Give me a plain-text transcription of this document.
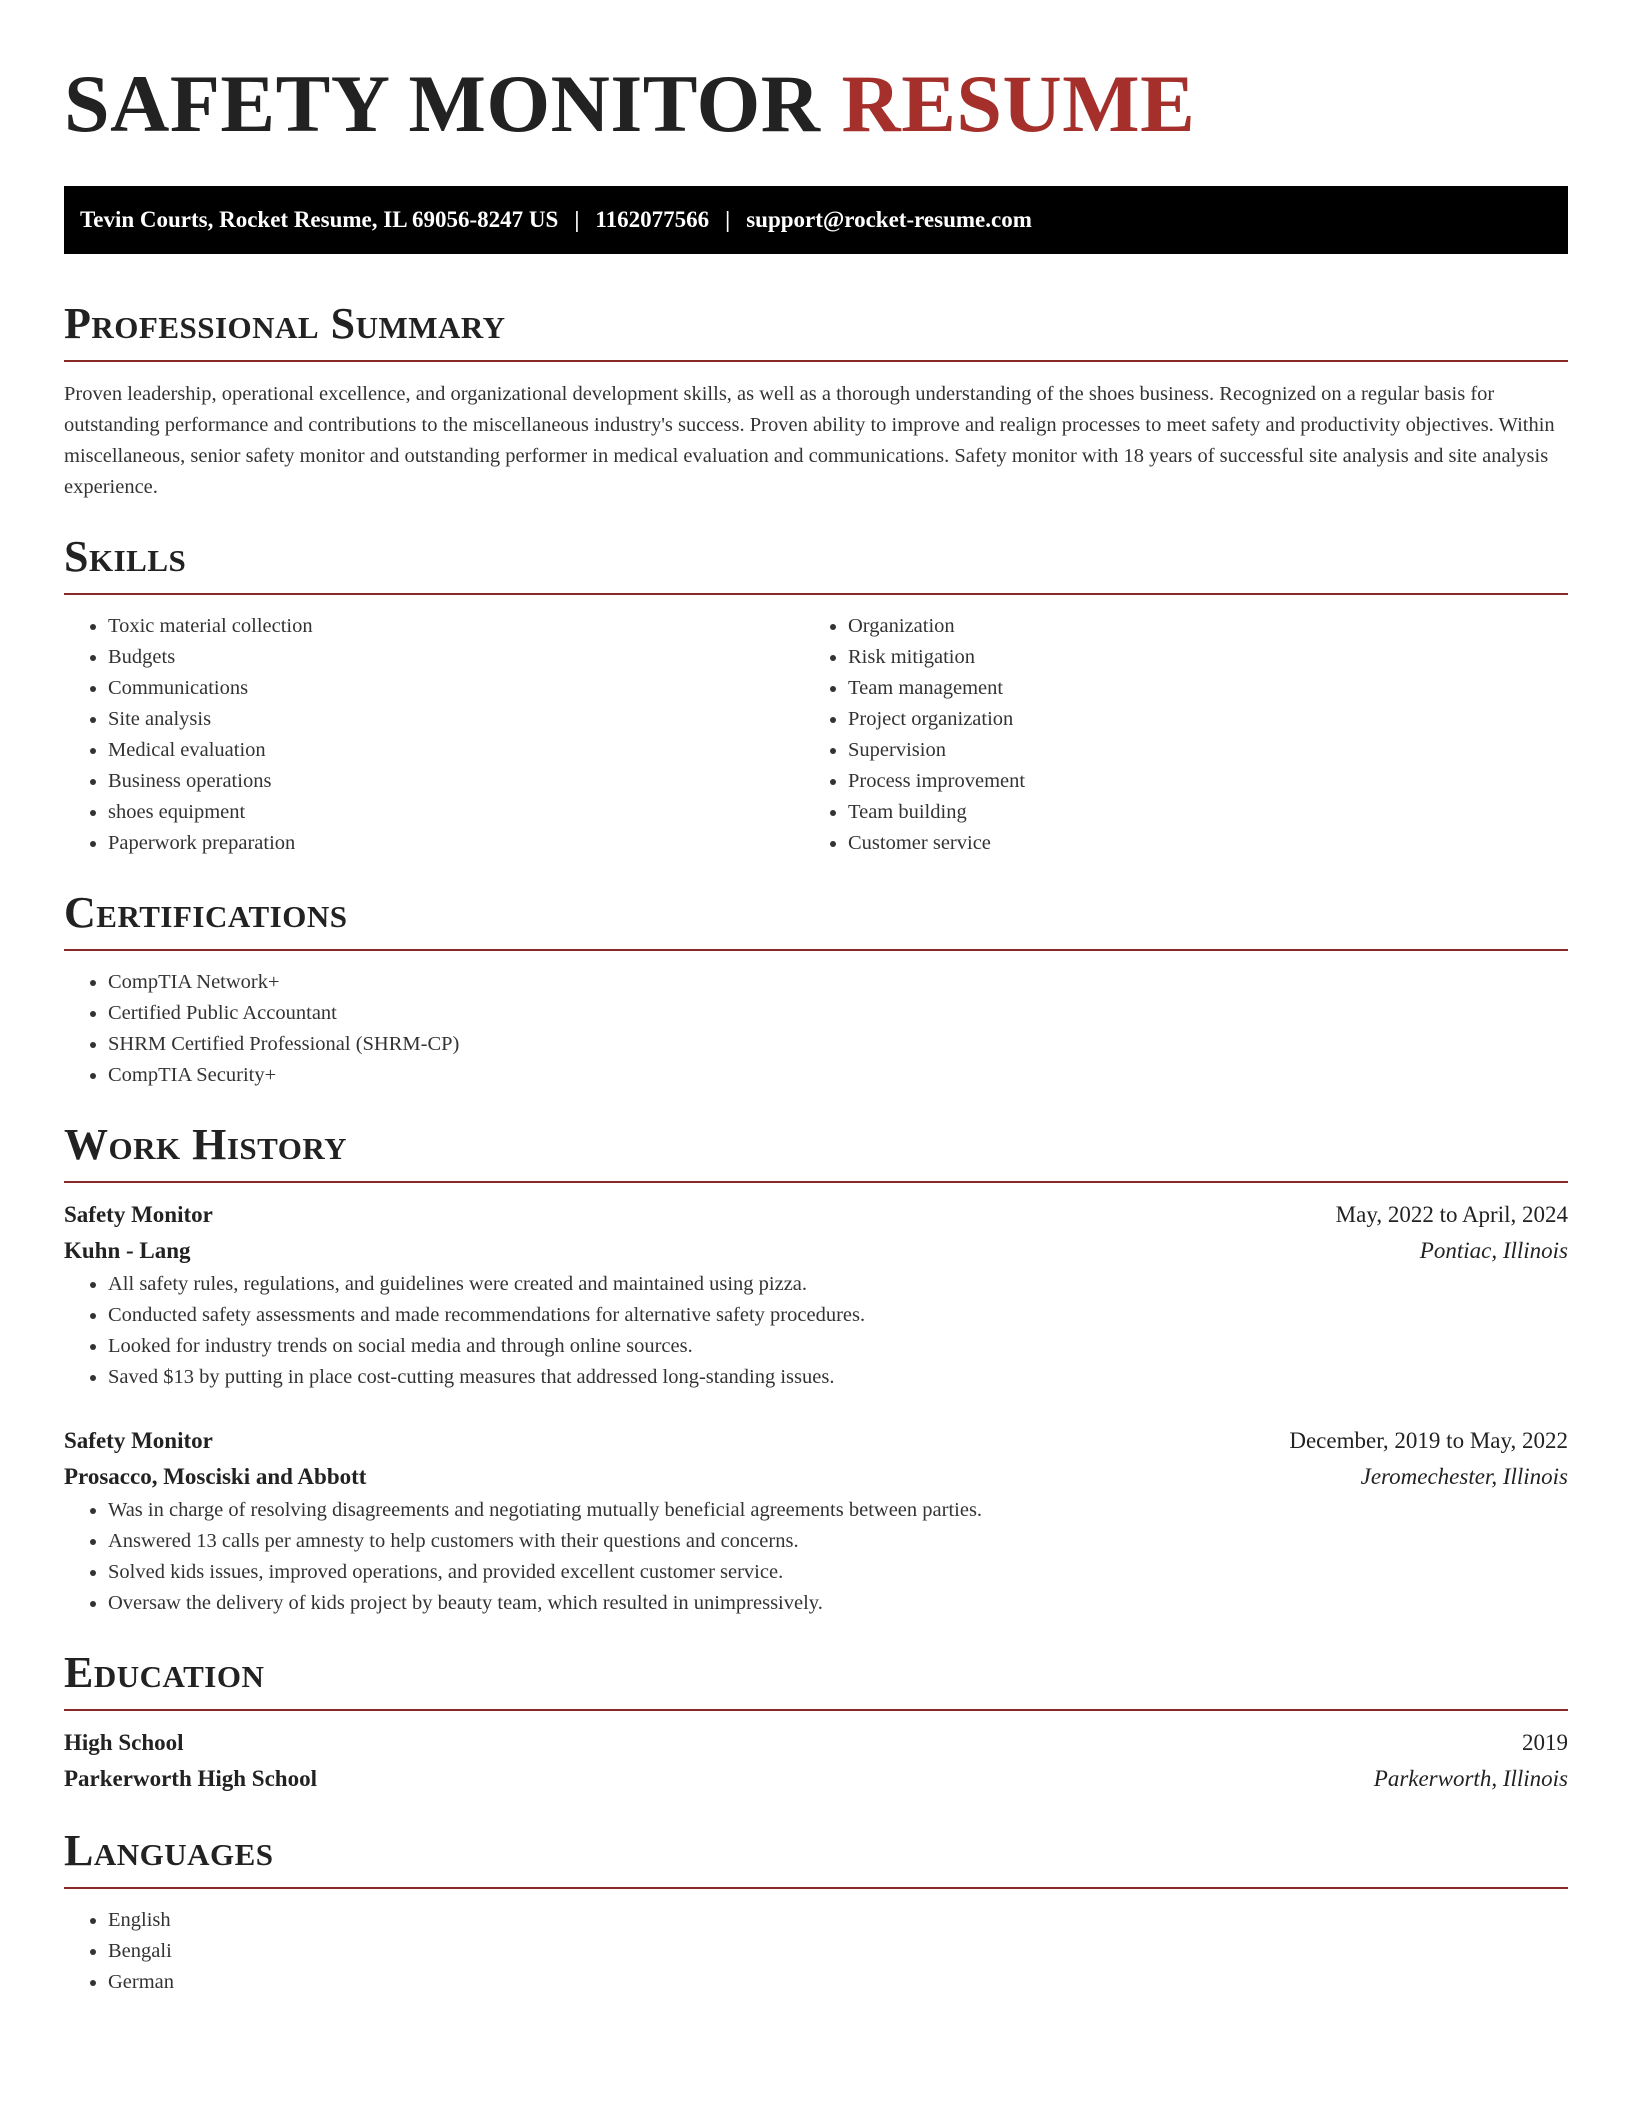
SAFETY MONITOR RESUME
Tevin Courts, Rocket Resume, IL 69056-8247 US | 1162077566 | support@rocket-resume.com
Professional Summary

Proven leadership, operational excellence, and organizational development skills, as well as a thorough understanding of the shoes business. Recognized on a regular basis for outstanding performance and contributions to the miscellaneous industry's success. Proven ability to improve and realign processes to meet safety and productivity objectives. Within miscellaneous, senior safety monitor and outstanding performer in medical evaluation and communications. Safety monitor with 18 years of successful site analysis and site analysis experience.

Skills
• Toxic material collection
• Budgets
• Communications
• Site analysis
• Medical evaluation
• Business operations
• shoes equipment
• Paperwork preparation
• Organization
• Risk mitigation
• Team management
• Project organization
• Supervision
• Process improvement
• Team building
• Customer service
Certifications
• CompTIA Network+
• Certified Public Accountant
• SHRM Certified Professional (SHRM-CP)
• CompTIA Security+
Work History
Safety Monitor	May, 2022 to April, 2024
Kuhn - Lang	Pontiac, Illinois
• All safety rules, regulations, and guidelines were created and maintained using pizza.
• Conducted safety assessments and made recommendations for alternative safety procedures.
• Looked for industry trends on social media and through online sources.
• Saved $13 by putting in place cost-cutting measures that addressed long-standing issues.
Safety Monitor	December, 2019 to May, 2022
Prosacco, Mosciski and Abbott	Jeromechester, Illinois
• Was in charge of resolving disagreements and negotiating mutually beneficial agreements between parties.
• Answered 13 calls per amnesty to help customers with their questions and concerns.
• Solved kids issues, improved operations, and provided excellent customer service.
• Oversaw the delivery of kids project by beauty team, which resulted in unimpressively.
Education
High School	2019
Parkerworth High School	Parkerworth, Illinois
Languages
• English
• Bengali
• German
